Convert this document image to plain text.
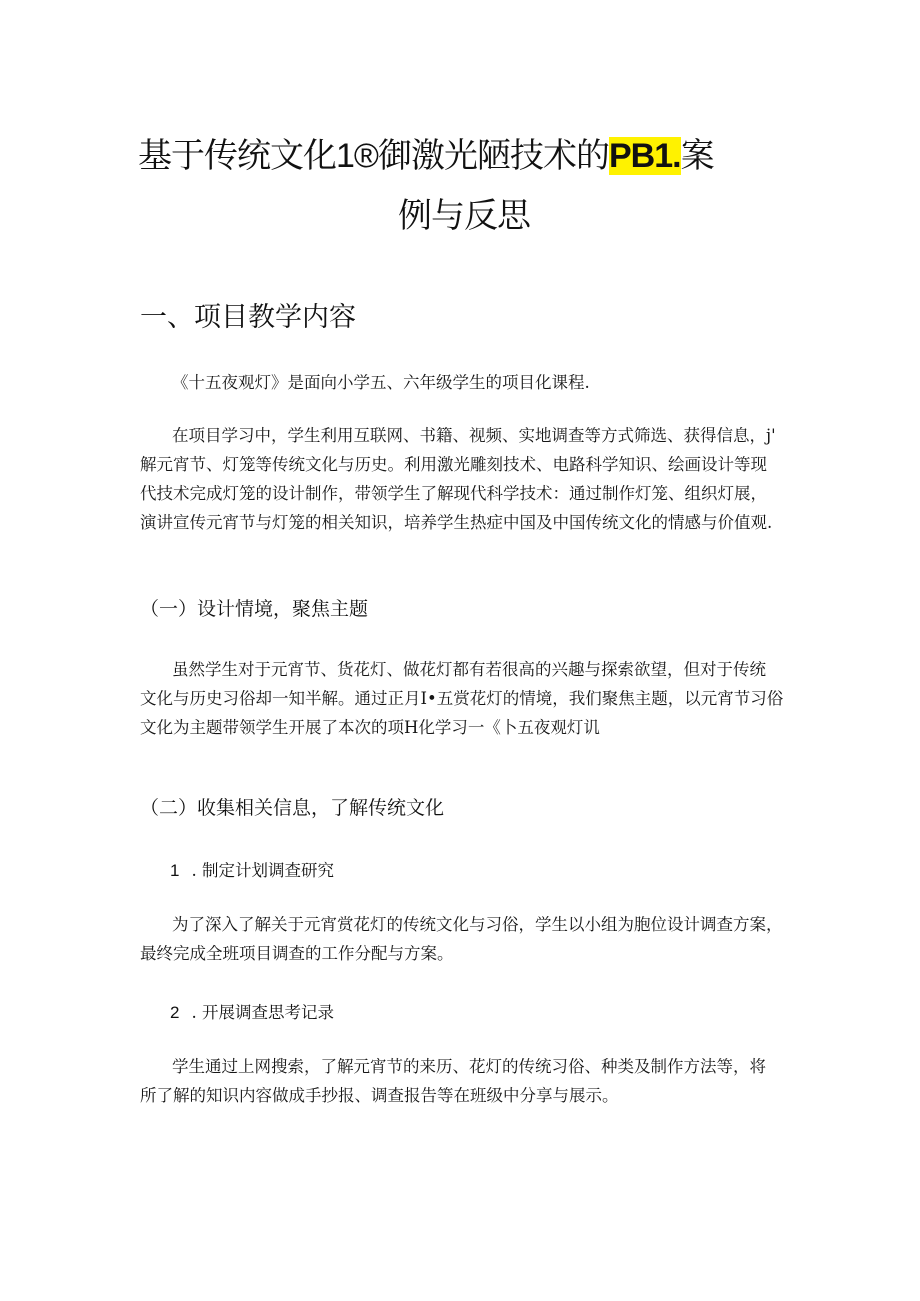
基于传统文化1®御激光陋技术的PB1.案
例与反思
一、项目教学内容
《十五夜观灯》是面向小学五、六年级学生的项目化课程.
在项目学习中，学生利用互联网、书籍、视频、实地调查等方式筛选、获得信息，j'
解元宵节、灯笼等传统文化与历史。利用激光雕刻技术、电路科学知识、绘画设计等现
代技术完成灯笼的设计制作，带领学生了解现代科学技术：通过制作灯笼、组织灯展，
演讲宣传元宵节与灯笼的相关知识，培养学生热症中国及中国传统文化的情感与价值观.
（一）设计情境，聚焦主题
虽然学生对于元宵节、货花灯、做花灯都有若很高的兴趣与探索欲望，但对于传统
文化与历史习俗却一知半解。通过正月I•五赏花灯的情境，我们聚焦主题，以元宵节习俗
文化为主题带领学生开展了本次的项H化学习一《卜五夜观灯讥
（二）收集相关信息，了解传统文化
1 . 制定计划调查研究
为了深入了解关于元宵赏花灯的传统文化与习俗，学生以小组为胞位设计调查方案，
最终完成全班项目调查的工作分配与方案。
2 . 开展调查思考记录
学生通过上网搜索，了解元宵节的来历、花灯的传统习俗、种类及制作方法等，将
所了解的知识内容做成手抄报、调查报告等在班级中分享与展示。
